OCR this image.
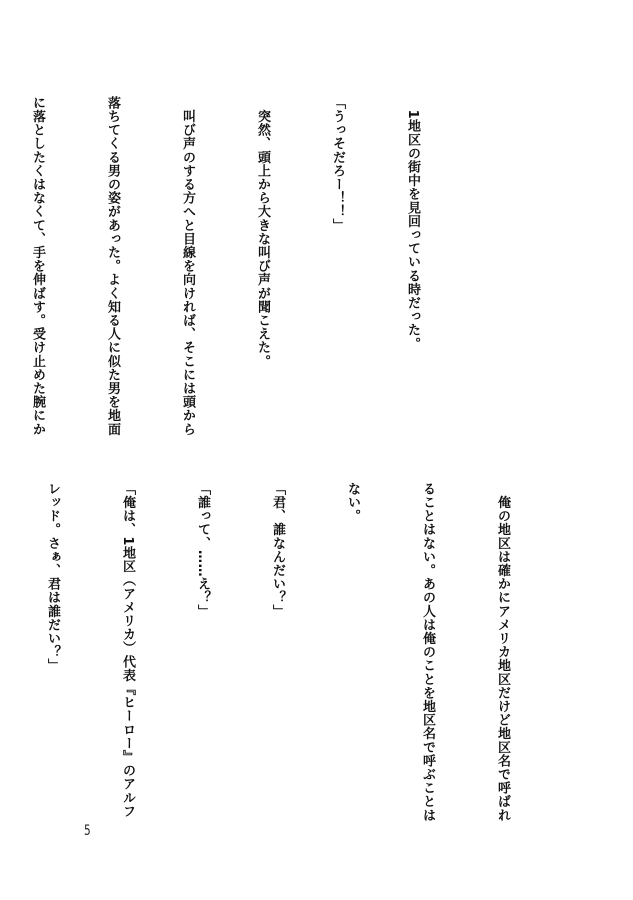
　1地区の街中を見回っている時だった。

「うっそだろー！！」

　突然、頭上から大きな叫び声が聞こえた。

　叫び声のする方へと目線を向ければ、そこには頭から

落ちてくる男の姿があった。よく知る人に似た男を地面

に落としたくはなくて、手を伸ばす。受け止めた腕にか

　俺の地区は確かにアメリカ地区だけど地区名で呼ばれ

ることはない。あの人は俺のことを地区名で呼ぶことは

ない。

「君、誰なんだい？」

「誰って、……え？」

「俺は、1地区（アメリカ）代表『ヒーロー』のアルフ

レッド。さぁ、君は誰だい？」

5
